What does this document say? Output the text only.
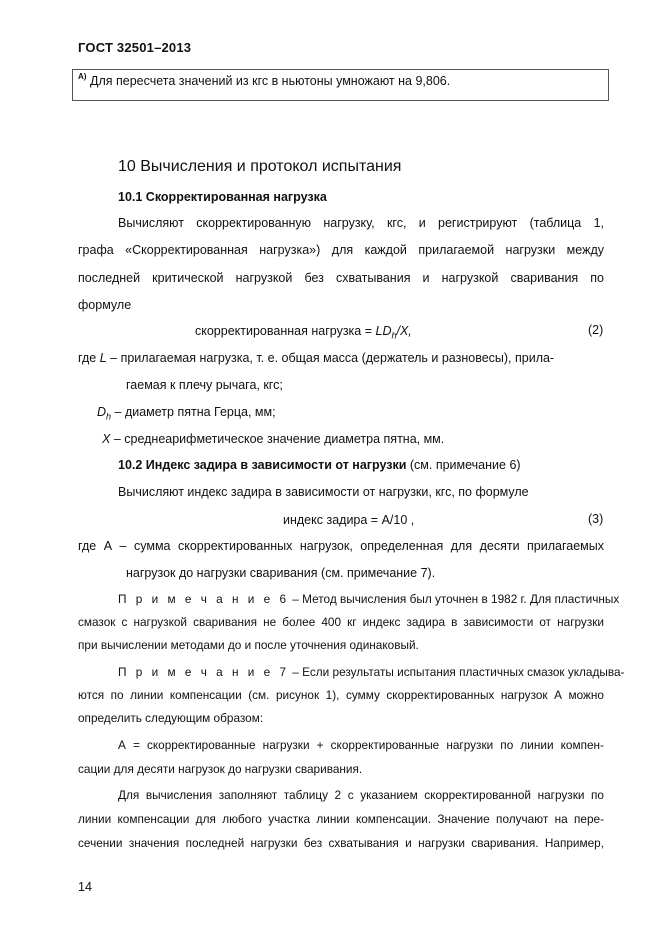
ГОСТ 32501–2013
А) Для пересчета значений из кгс в ньютоны умножают на 9,806.
10 Вычисления и протокол испытания
10.1 Скорректированная нагрузка
Вычисляют скорректированную нагрузку, кгс, и регистрируют (таблица 1,
графа «Скорректированная нагрузка») для каждой прилагаемой нагрузки между
последней критической нагрузкой без схватывания и нагрузкой сваривания по
формуле
скорректированная нагрузка = $LD_h/X$,	(2)
где L – прилагаемая нагрузка, т. е. общая масса (держатель и разновесы), прила-
гаемая к плечу рычага, кгс;
$D_h$ – диаметр пятна Герца, мм;
X – среднеарифметическое значение диаметра пятна, мм.
10.2 Индекс задира в зависимости от нагрузки (см. примечание 6)
Вычисляют индекс задира в зависимости от нагрузки, кгс, по формуле
индекс задира = А/10 ,	(3)
где А – сумма скорректированных нагрузок, определенная для десяти прилагаемых
нагрузок до нагрузки сваривания (см. примечание 7).
П р и м е ч а н и е 6 – Метод вычисления был уточнен в 1982 г. Для пластичных
смазок с нагрузкой сваривания не более 400 кг индекс задира в зависимости от нагрузки
при вычислении методами до и после уточнения одинаковый.
П р и м е ч а н и е 7 – Если результаты испытания пластичных смазок укладыва-
ются по линии компенсации (см. рисунок 1), сумму скорректированных нагрузок А можно
определить следующим образом:
А = скорректированные нагрузки + скорректированные нагрузки по линии компен-
сации для десяти нагрузок до нагрузки сваривания.
Для вычисления заполняют таблицу 2 с указанием скорректированной нагрузки по
линии компенсации для любого участка линии компенсации. Значение получают на пере-
сечении значения последней нагрузки без схватывания и нагрузки сваривания. Например,
14
